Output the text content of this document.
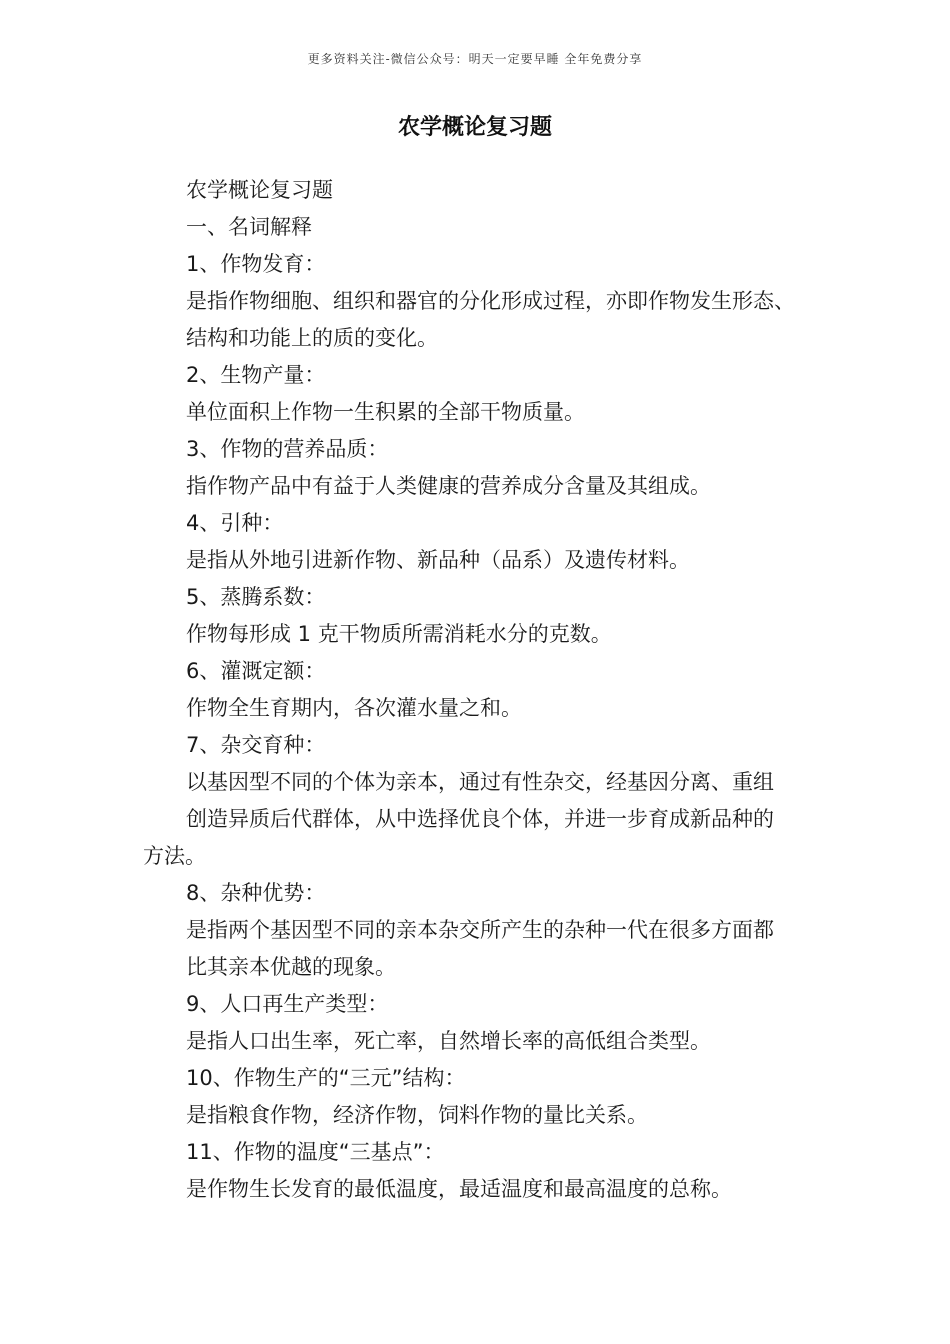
更多资料关注-微信公众号：明天一定要早睡 全年免费分享
农学概论复习题
农学概论复习题
一、名词解释
1、作物发育：
是指作物细胞、组织和器官的分化形成过程，亦即作物发生形态、
结构和功能上的质的变化。
2、生物产量：
单位面积上作物一生积累的全部干物质量。
3、作物的营养品质：
指作物产品中有益于人类健康的营养成分含量及其组成。
4、引种：
是指从外地引进新作物、新品种（品系）及遗传材料。
5、蒸腾系数：
作物每形成 1 克干物质所需消耗水分的克数。
6、灌溉定额：
作物全生育期内，各次灌水量之和。
7、杂交育种：
以基因型不同的个体为亲本，通过有性杂交，经基因分离、重组
创造异质后代群体，从中选择优良个体，并进一步育成新品种的
方法。
8、杂种优势：
是指两个基因型不同的亲本杂交所产生的杂种一代在很多方面都
比其亲本优越的现象。
9、人口再生产类型：
是指人口出生率，死亡率，自然增长率的高低组合类型。
10、作物生产的“三元”结构：
是指粮食作物，经济作物，饲料作物的量比关系。
11、作物的温度“三基点”：
是作物生长发育的最低温度，最适温度和最高温度的总称。
